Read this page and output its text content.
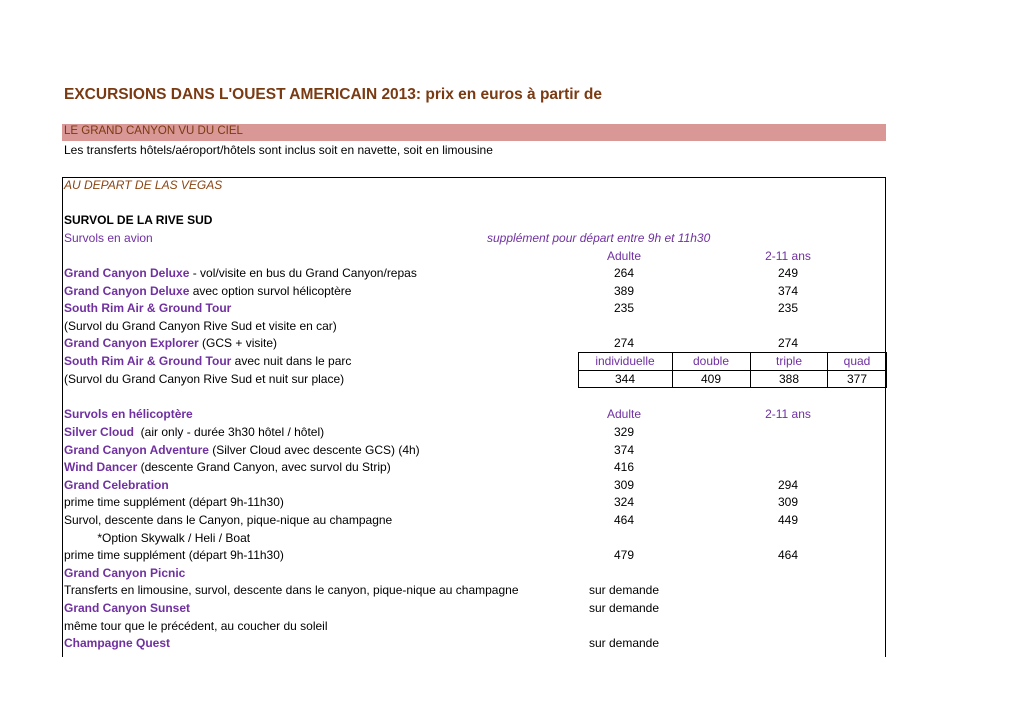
EXCURSIONS DANS L'OUEST AMERICAIN 2013: prix en euros à partir de
LE GRAND CANYON VU DU CIEL
Les transferts hôtels/aéroport/hôtels sont inclus soit en navette, soit en limousine
AU DEPART DE LAS VEGAS
SURVOL DE LA RIVE SUD
Survols en avion	supplément pour départ entre 9h et 11h30
Adulte	2-11 ans
Grand Canyon Deluxe - vol/visite en bus du Grand Canyon/repas	264	249
Grand Canyon Deluxe avec option survol hélicoptère	389	374
South Rim Air & Ground Tour	235	235
(Survol du Grand Canyon Rive Sud et visite en car)
Grand Canyon Explorer (GCS + visite)	274	274
South Rim Air & Ground Tour avec nuit dans le parc
(Survol du Grand Canyon Rive Sud et nuit sur place)
individuelle	double	triple	quad
344	409	388	377
Survols en hélicoptère	Adulte	2-11 ans
Silver Cloud  (air only - durée 3h30 hôtel / hôtel)	329
Grand Canyon Adventure (Silver Cloud avec descente GCS) (4h)	374
Wind Dancer (descente Grand Canyon, avec survol du Strip)	416
Grand Celebration	309	294
prime time supplément (départ 9h-11h30)	324	309
Survol, descente dans le Canyon, pique-nique au champagne	464	449
*Option Skywalk / Heli / Boat
prime time supplément (départ 9h-11h30)	479	464
Grand Canyon Picnic
Transferts en limousine, survol, descente dans le canyon, pique-nique au champagne	sur demande
Grand Canyon Sunset	sur demande
même tour que le précédent, au coucher du soleil
Champagne Quest	sur demande
